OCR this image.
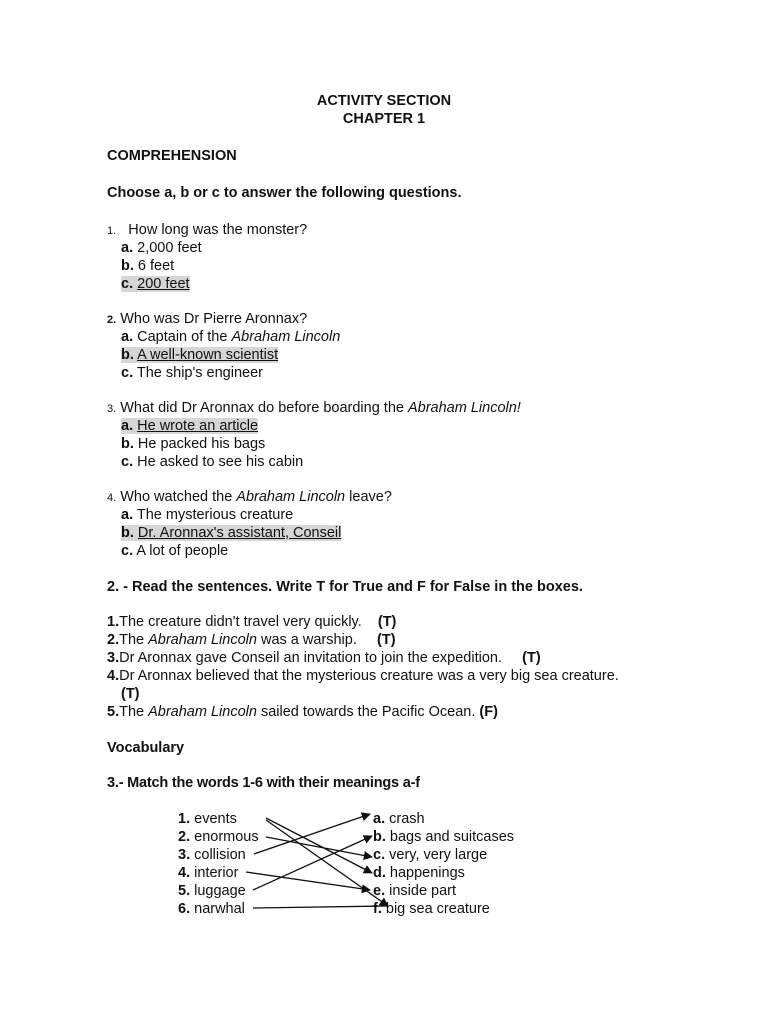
ACTIVITY SECTION
CHAPTER 1
COMPREHENSION
Choose a, b or c to answer the following questions.
1. How long was the monster?
a. 2,000 feet
b. 6 feet
c. 200 feet
2. Who was Dr Pierre Aronnax?
a. Captain of the Abraham Lincoln
b. A well-known scientist
c. The ship's engineer
3. What did Dr Aronnax do before boarding the Abraham Lincoln!
a. He wrote an article
b. He packed his bags
c. He asked to see his cabin
4. Who watched the Abraham Lincoln leave?
a. The mysterious creature
b. Dr. Aronnax's assistant, Conseil
c. A lot of people
2. - Read the sentences. Write T for True and F for False in the boxes.
1.The creature didn't travel very quickly. (T)
2.The Abraham Lincoln was a warship. (T)
3.Dr Aronnax gave Conseil an invitation to join the expedition. (T)
4.Dr Aronnax believed that the mysterious creature was a very big sea creature.
(T)
5.The Abraham Lincoln sailed towards the Pacific Ocean. (F)
Vocabulary
3.- Match the words 1-6 with their meanings a-f
1. events
2. enormous
3. collision
4. interior
5. luggage
6. narwhal
a. crash
b. bags and suitcases
c. very, very large
d. happenings
e. inside part
f. big sea creature
